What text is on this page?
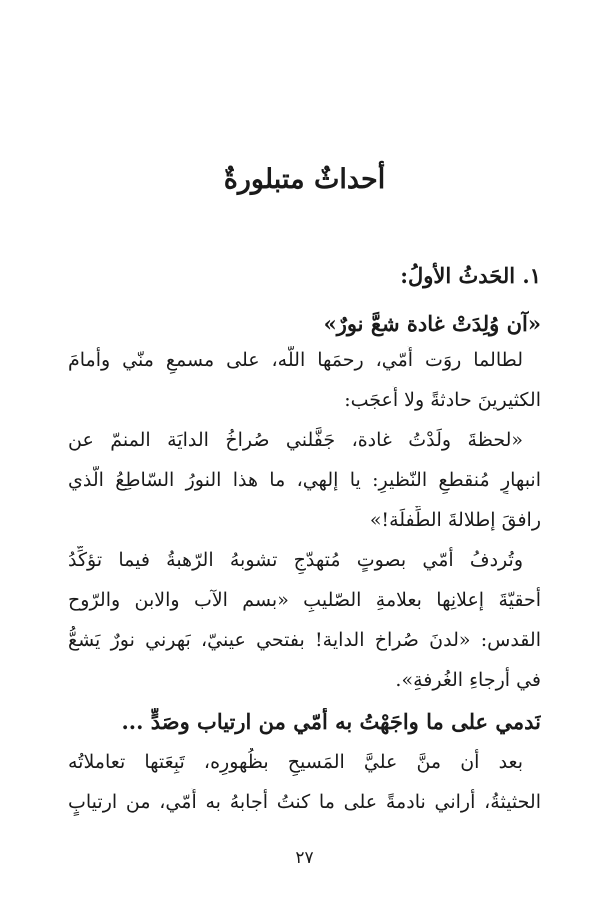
أحداثٌ متبلورةٌ
١. الحَدثُ الأولُ:
«آن وُلِدَتْ غادة شعَّ نورٌ»
لطالما روَت أُمّي، رحمَها اللّه، على مسمعٍ منّي وأمامَ
الكثيرينَ حادثةً ولا أَعجَب:
«لحظةَ ولَدْتُ غادة، جَفَّلني صُراخُ الدايَة المنمّ عن
انبهارٍ مُنقطعِ النّظيرِ: يا إلهي، ما هذا النورُ السّاطِعُ الّذي
رافقَ إطلالةَ الطِّفلَة!»
وتُردفُ أمّي بصوتٍ مُتهدّجٍ تشوبهُ الرّهبةُ فيما تؤكِّدُ
أحقيّةَ إعلانِها بعلامةِ الصّليبِ «بسم الآب والابن والرّوح
القدس: «لدنَ صُراخ الداية! بفتحي عينيّ، بَهرني نورٌ يَشعُّ
في أرجاءِ الغُرفةِ».
نَدمي على ما واجَهْتُ به أُمّي من ارتياب وصَدٍّ ...
بعد أن منَّ عليَّ المَسيحِ بظُهورِه، تَبِعَتها تعاملاتُه
الحثيثةُ، أراني نادمةً على ما كنتُ أجابهُ به أُمّي، من ارتيابٍ
٢٧
